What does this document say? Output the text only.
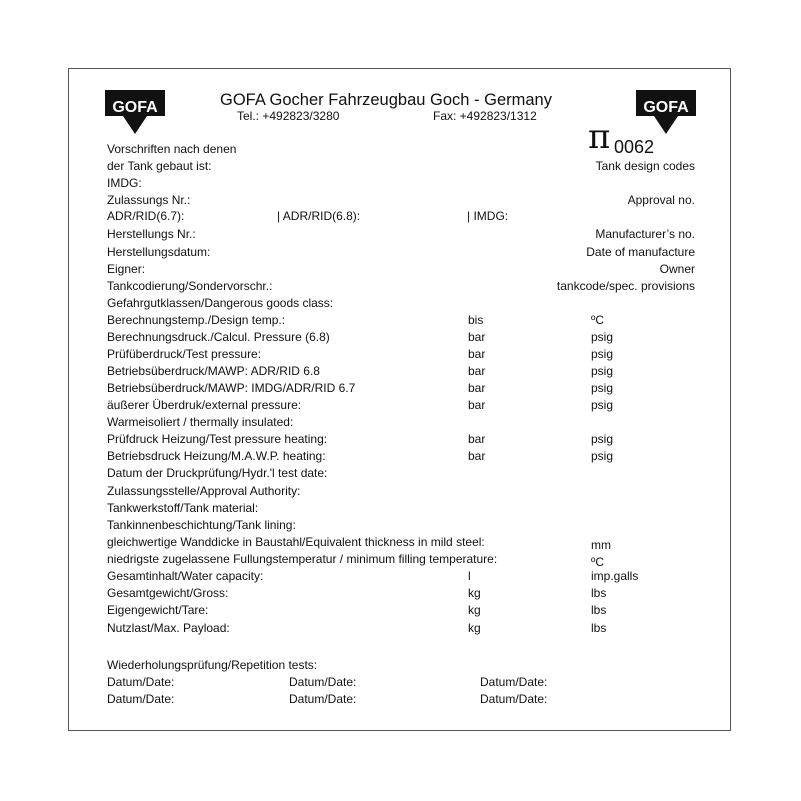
GOFA	GOFA
GOFA Gocher Fahrzeugbau Goch - Germany
Tel.: +492823/3280	Fax: +492823/1312
π 0062
Vorschriften nach denen
der Tank gebaut ist:	Tank design codes
IMDG:
Zulassungs Nr.:	Approval no.
ADR/RID(6.7):	| ADR/RID(6.8):	| IMDG:
Herstellungs Nr.:	Manufacturer’s no.
Herstellungsdatum:	Date of manufacture
Eigner:	Owner
Tankcodierung/Sondervorschr.:	tankcode/spec. provisions
Gefahrgutklassen/Dangerous goods class:
Berechnungstemp./Design temp.:	bis	ºC
Berechnungsdruck./Calcul. Pressure (6.8)	bar	psig
Prüfüberdruck/Test pressure:	bar	psig
Betriebsüberdruck/MAWP: ADR/RID 6.8	bar	psig
Betriebsüberdruck/MAWP: IMDG/ADR/RID 6.7	bar	psig
äußerer Überdruk/external pressure:	bar	psig
Warmeisoliert / thermally insulated:
Prüfdruck Heizung/Test pressure heating:	bar	psig
Betriebsdruck Heizung/M.A.W.P. heating:	bar	psig
Datum der Druckprüfung/Hydr.'l test date:
Zulassungsstelle/Approval Authority:
Tankwerkstoff/Tank material:
Tankinnenbeschichtung/Tank lining:
gleichwertige Wanddicke in Baustahl/Equivalent thickness in mild steel:	mm
niedrigste zugelassene Fullungstemperatur / minimum filling temperature:	ºC
Gesamtinhalt/Water capacity:	l	imp.galls
Gesamtgewicht/Gross:	kg	lbs
Eigengewicht/Tare:	kg	lbs
Nutzlast/Max. Payload:	kg	lbs
Wiederholungsprüfung/Repetition tests:
Datum/Date:	Datum/Date:	Datum/Date:
Datum/Date:	Datum/Date:	Datum/Date:
